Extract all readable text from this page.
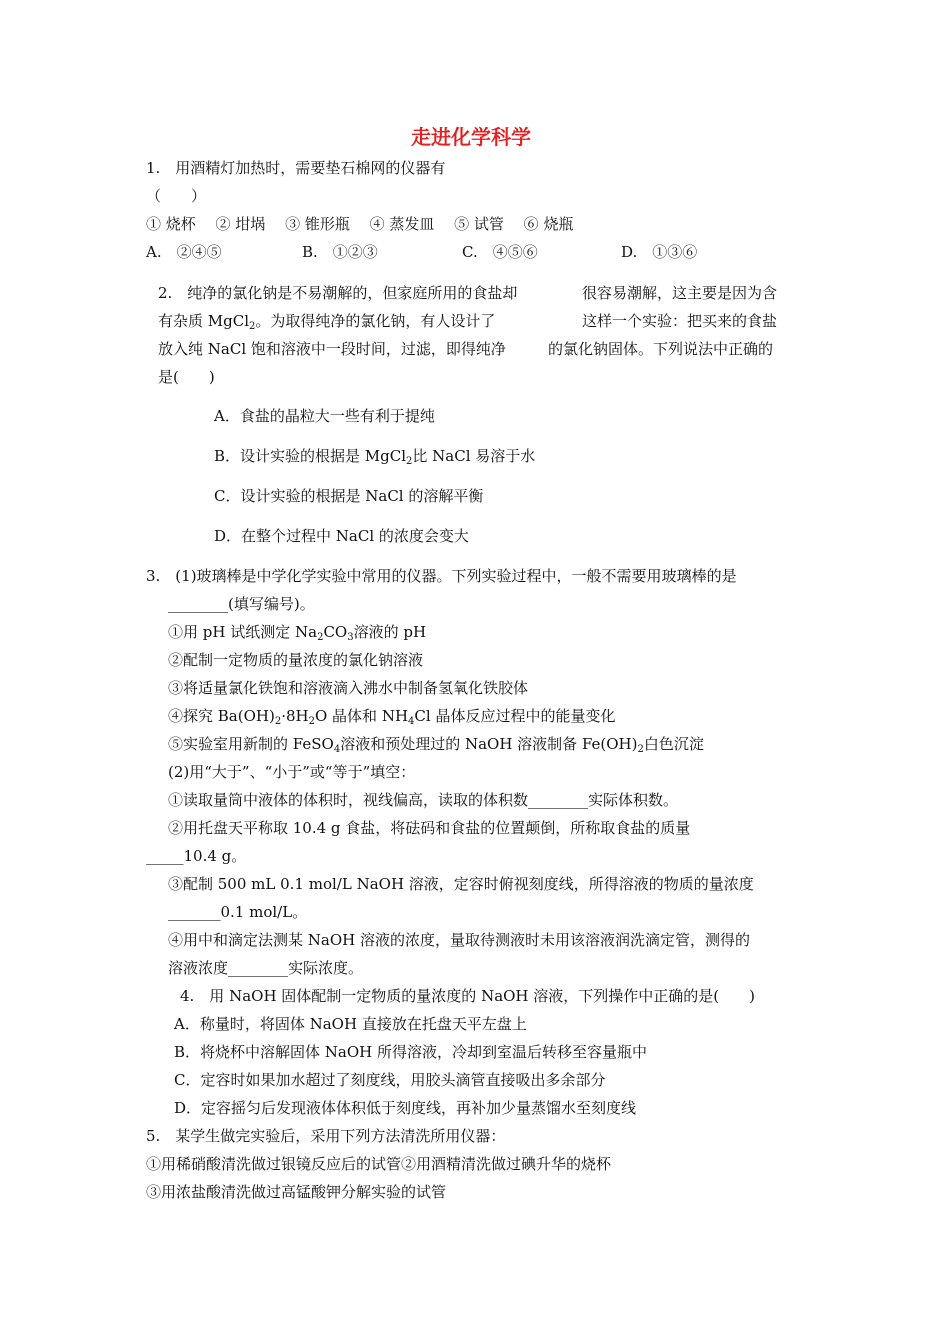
走进化学科学
1.　用酒精灯加热时，需要垫石棉网的仪器有
（　　）
① 烧杯　 ② 坩埚　 ③ 锥形瓶　 ④ 蒸发皿　 ⑤ 试管　 ⑥ 烧瓶
A.　②④⑤	B.　①②③	C.　④⑤⑥	D.　①③⑥
2.　纯净的氯化钠是不易潮解的，但家庭所用的食盐却	很容易潮解，这主要是因为含
有杂质 MgCl$_2$。为取得纯净的氯化钠，有人设计了	这样一个实验：把买来的食盐
放入纯 NaCl 饱和溶液中一段时间，过滤，即得纯净	的氯化钠固体。下列说法中正确的
是(　　)
A．食盐的晶粒大一些有利于提纯
B．设计实验的根据是 MgCl$_2$比 NaCl 易溶于水
C．设计实验的根据是 NaCl 的溶解平衡
D．在整个过程中 NaCl 的浓度会变大
3.　(1)玻璃棒是中学化学实验中常用的仪器。下列实验过程中，一般不需要用玻璃棒的是
________(填写编号)。
①用 pH 试纸测定 $Na_2CO_3$溶液的 pH
②配制一定物质的量浓度的氯化钠溶液
③将适量氯化铁饱和溶液滴入沸水中制备氢氧化铁胶体
④探究 $Ba(OH)_2\cdot 8H_2O$ 晶体和 $NH_4Cl$ 晶体反应过程中的能量变化
⑤实验室用新制的 FeSO$_4$溶液和预处理过的 NaOH 溶液制备 $Fe(OH)_2$白色沉淀
(2)用“大于”、“小于”或“等于”填空：
①读取量筒中液体的体积时，视线偏高，读取的体积数________实际体积数。
②用托盘天平称取 10.4 g 食盐，将砝码和食盐的位置颠倒，所称取食盐的质量
_____10.4 g。
③配制 500 mL 0.1 mol/L NaOH 溶液，定容时俯视刻度线，所得溶液的物质的量浓度
_______0.1 mol/L。
④用中和滴定法测某 NaOH 溶液的浓度，量取待测液时未用该溶液润洗滴定管，测得的
溶液浓度________实际浓度。
4.　用 NaOH 固体配制一定物质的量浓度的 NaOH 溶液，下列操作中正确的是(　　)
A．称量时，将固体 NaOH 直接放在托盘天平左盘上
B．将烧杯中溶解固体 NaOH 所得溶液，冷却到室温后转移至容量瓶中
C．定容时如果加水超过了刻度线，用胶头滴管直接吸出多余部分
D．定容摇匀后发现液体体积低于刻度线，再补加少量蒸馏水至刻度线
5.　某学生做完实验后，采用下列方法清洗所用仪器：
①用稀硝酸清洗做过银镜反应后的试管②用酒精清洗做过碘升华的烧杯
③用浓盐酸清洗做过高锰酸钾分解实验的试管
